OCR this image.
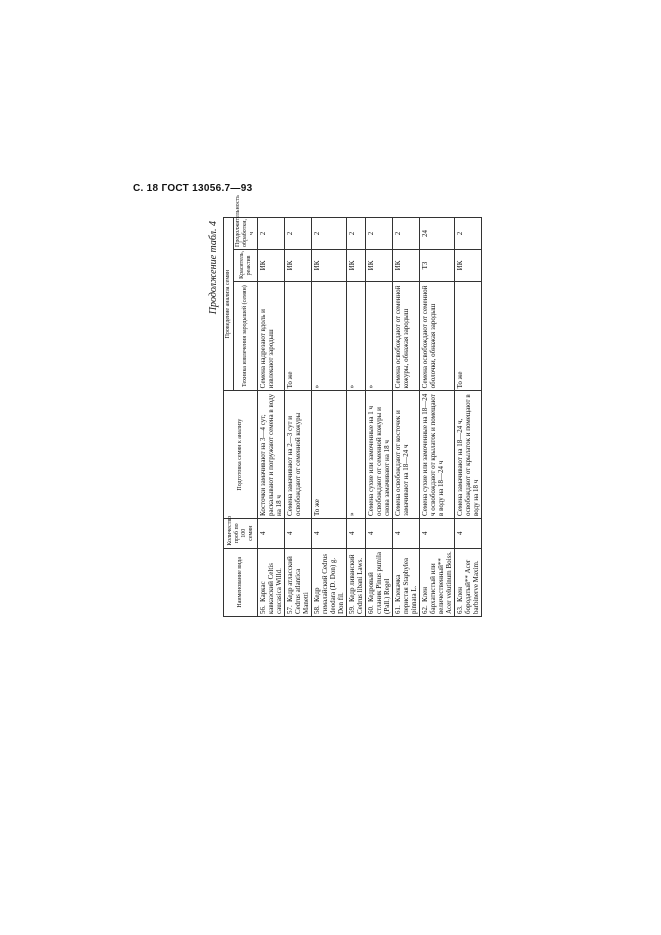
С. 18 ГОСТ 13056.7—93
Продолжение табл. 4
Наименование вида	Количество проб по 100 семян	Подготовка семян к анализу	Проведение анализа семян		
			Техника извлечения зародышей (семян)	Краситель, реактив	Продолжительность обработки, ч
56.Каркас кавказский Celtis caucasica Willd.	4	Косточки замачивают на 3—4 сут, раскалывают и погружают семена в воду на 18 ч	Семена надрезают вдоль и извлекают зародыш	ИК	2
57.Кедр атласский Cedrus atlantica Manetti	4	Семена замачивают на 2—3 сут и освобождают от семенной кожуры	То же	ИК	2
58.Кедр гималайский Cedrus deodara (D. Don) g. Don fil.	4	То же	»	ИК	2
59.Кедр ливанский Cedrus libani Laws.	4	»	»	ИК	2
60.Кедровый стланик Pinus pumila (Pall.) Regel	4	Семена сухие или замоченные на 1 ч освобождают от семенной кожуры и снова замачивают на 18 ч	»	ИК	2
61.Клекачка перистая Staphylea pinnata L.	4	Семена освобождают от косточек и замачивают на 18—24 ч	Семена освобождают от семенной кожуры, обнажая зародыш	ИК	2
62.Клен бархатистый или величественный** Acer velutinum Boiss.	4	Семена сухие или замоченные на 18—24 ч освобождают от крылаток и помещают в воду на 18—24 ч	Семена освобождают от семенной оболочки, обнажая зародыш	ТЗ	24
63.Клен бородатый** Acer barbinerve Maxim.	4	Семена замачивают на 18—24 ч, освобождают от крылаток и помещают в воду на 18 ч	То же	ИК	2
